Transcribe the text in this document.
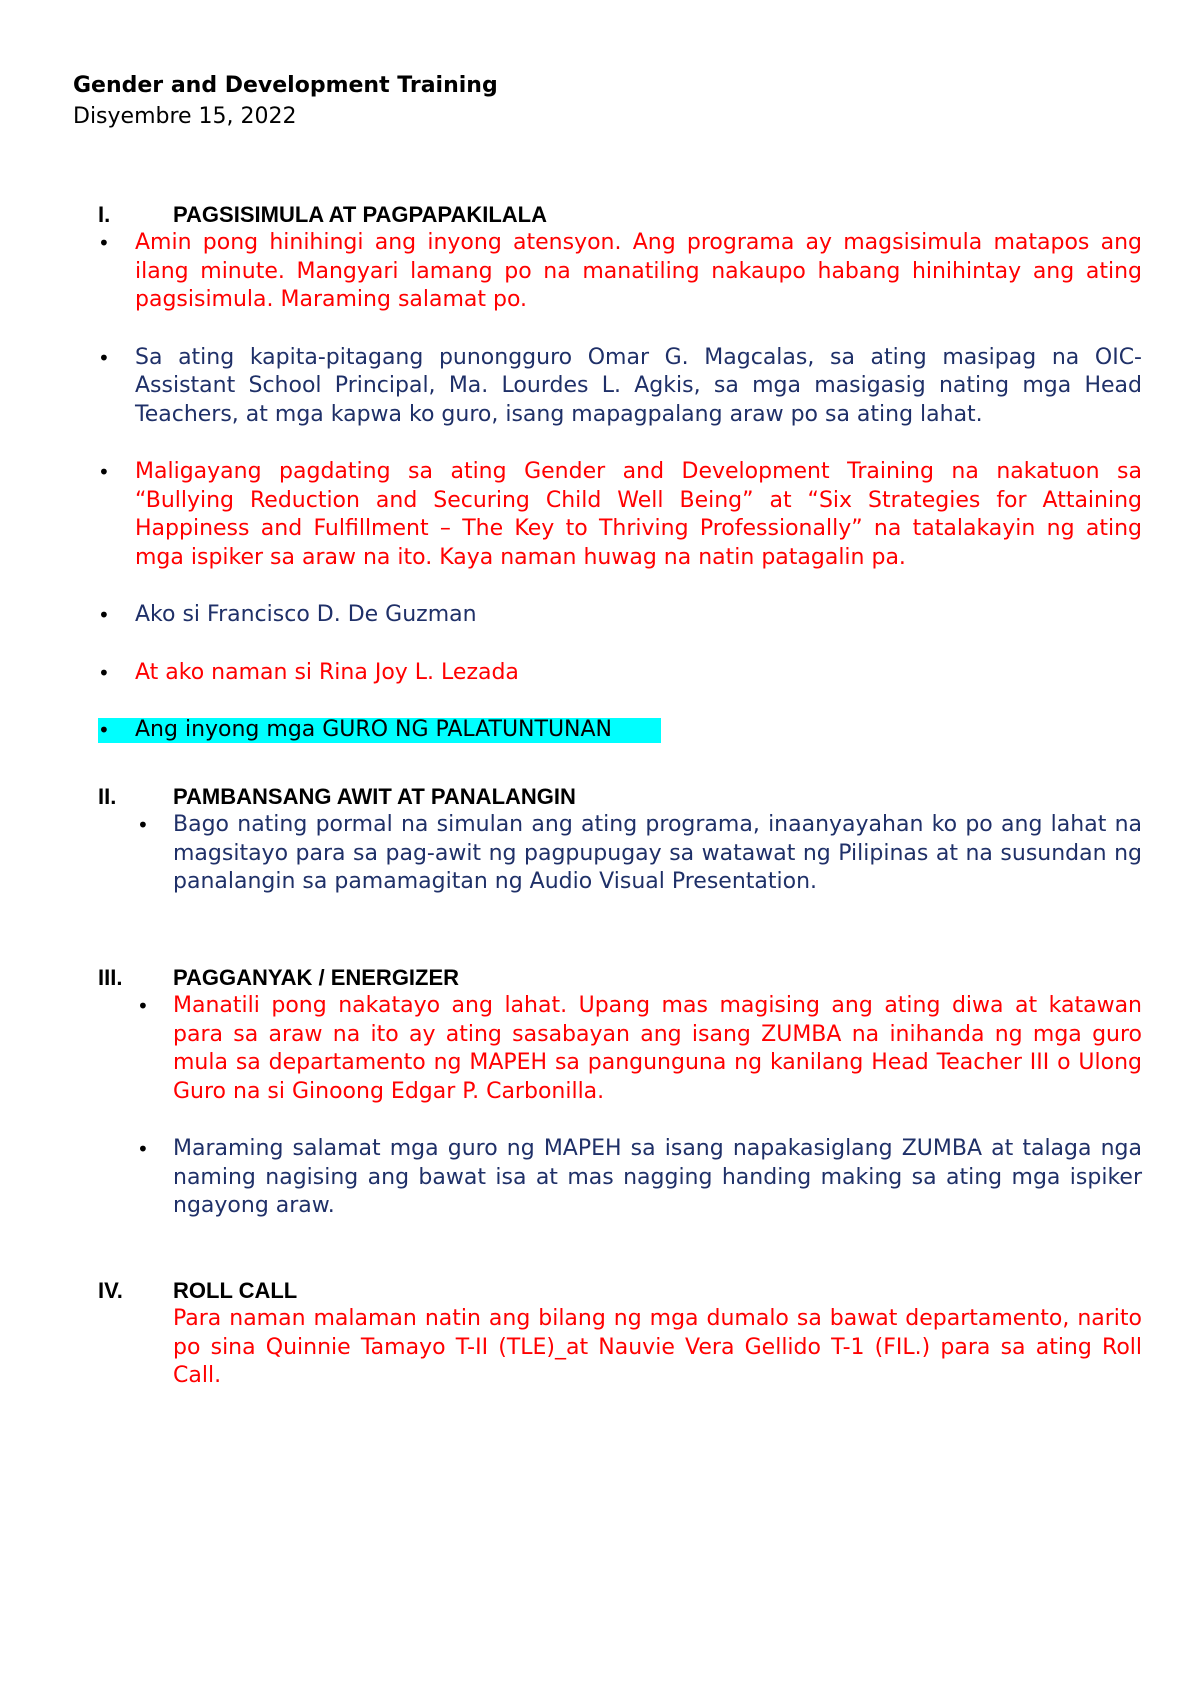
Gender and Development Training
Disyembre 15, 2022
I.	PAGSISIMULA AT PAGPAPAKILALA
• Amin pong hinihingi ang inyong atensyon. Ang programa ay magsisimula matapos ang ilang minute. Mangyari lamang po na manatiling nakaupo habang hinihintay ang ating pagsisimula. Maraming salamat po.
• Sa ating kapita-pitagang punongguro Omar G. Magcalas, sa ating masipag na OIC-Assistant School Principal, Ma. Lourdes L. Agkis, sa mga masigasig nating mga Head Teachers, at mga kapwa ko guro, isang mapagpalang araw po sa ating lahat.
• Maligayang pagdating sa ating Gender and Development Training na nakatuon sa “Bullying Reduction and Securing Child Well Being” at “Six Strategies for Attaining Happiness and Fulfillment – The Key to Thriving Professionally” na tatalakayin ng ating mga ispiker sa araw na ito. Kaya naman huwag na natin patagalin pa.
• Ako si Francisco D. De Guzman
• At ako naman si Rina Joy L. Lezada
• Ang inyong mga GURO NG PALATUNTUNAN
II.	PAMBANSANG AWIT AT PANALANGIN
• Bago nating pormal na simulan ang ating programa, inaanyayahan ko po ang lahat na magsitayo para sa pag-awit ng pagpupugay sa watawat ng Pilipinas at na susundan ng panalangin sa pamamagitan ng Audio Visual Presentation.
III. PAGGANYAK / ENERGIZER
• Manatili pong nakatayo ang lahat. Upang mas magising ang ating diwa at katawan para sa araw na ito ay ating sasabayan ang isang ZUMBA na inihanda ng mga guro mula sa departamento ng MAPEH sa pangunguna ng kanilang Head Teacher III o Ulong Guro na si Ginoong Edgar P. Carbonilla.
• Maraming salamat mga guro ng MAPEH sa isang napakasiglang ZUMBA at talaga nga naming nagising ang bawat isa at mas nagging handing making sa ating mga ispiker ngayong araw.
IV. ROLL CALL
Para naman malaman natin ang bilang ng mga dumalo sa bawat departamento, narito po sina Quinnie Tamayo T-II (TLE)_at Nauvie Vera Gellido T-1 (FIL.) para sa ating Roll Call.
